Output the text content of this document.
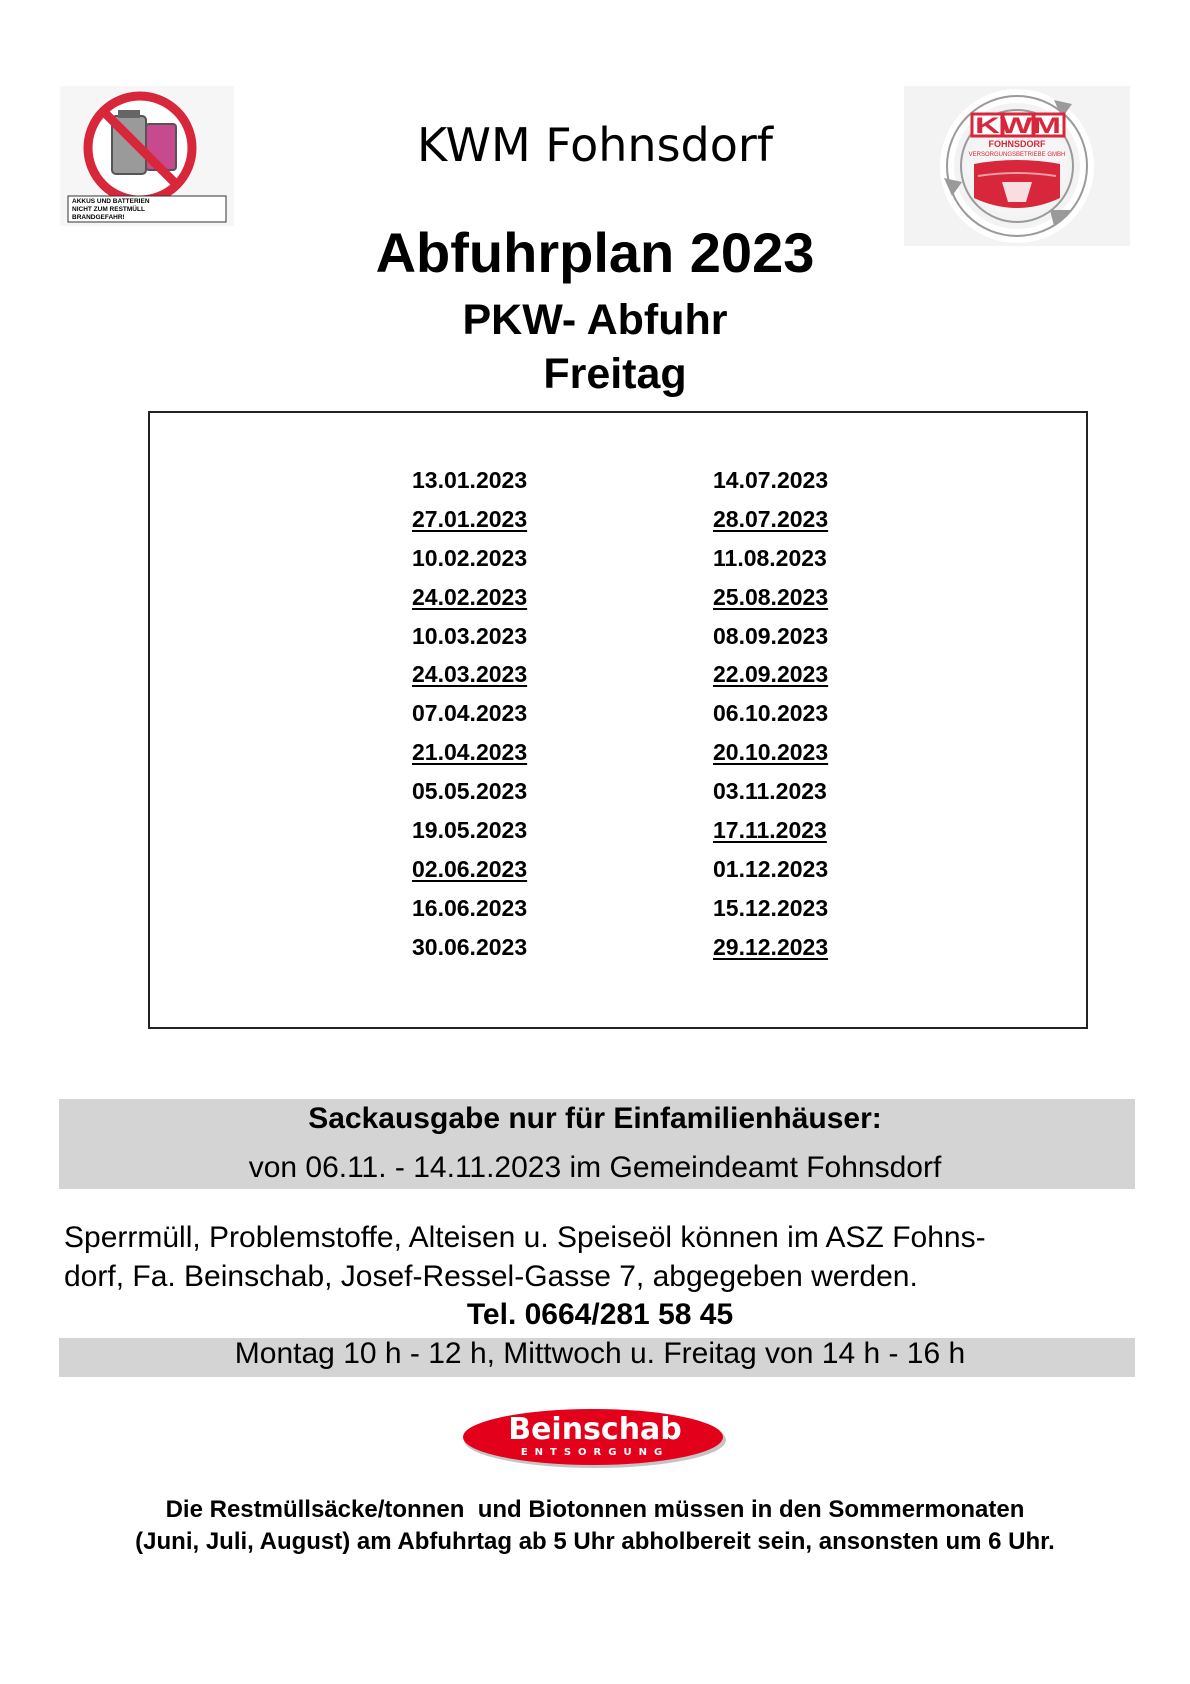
AKKUS UND BATTERIEN
NICHT ZUM RESTMÜLL
BRANDGEFAHR!
KWM
FOHNSDORF
VERSORGUNGSBETRIEBE GMBH
KWM Fohnsdorf
Abfuhrplan 2023
PKW- Abfuhr
Freitag
13.01.2023
27.01.2023
10.02.2023
24.02.2023
10.03.2023
24.03.2023
07.04.2023
21.04.2023
05.05.2023
19.05.2023
02.06.2023
16.06.2023
30.06.2023
14.07.2023
28.07.2023
11.08.2023
25.08.2023
08.09.2023
22.09.2023
06.10.2023
20.10.2023
03.11.2023
17.11.2023
01.12.2023
15.12.2023
29.12.2023
Sackausgabe nur für Einfamilienhäuser:
von 06.11. - 14.11.2023 im Gemeindeamt Fohnsdorf
Sperrmüll, Problemstoffe, Alteisen u. Speiseöl können im ASZ Fohns-
dorf, Fa. Beinschab, Josef-Ressel-Gasse 7, abgegeben werden.
Tel. 0664/281 58 45
Montag 10 h - 12 h, Mittwoch u. Freitag von 14 h - 16 h
Beinschab
ENTSORGUNG
Die Restmüllsäcke/tonnen  und Biotonnen müssen in den Sommermonaten
(Juni, Juli, August) am Abfuhrtag ab 5 Uhr abholbereit sein, ansonsten um 6 Uhr.
